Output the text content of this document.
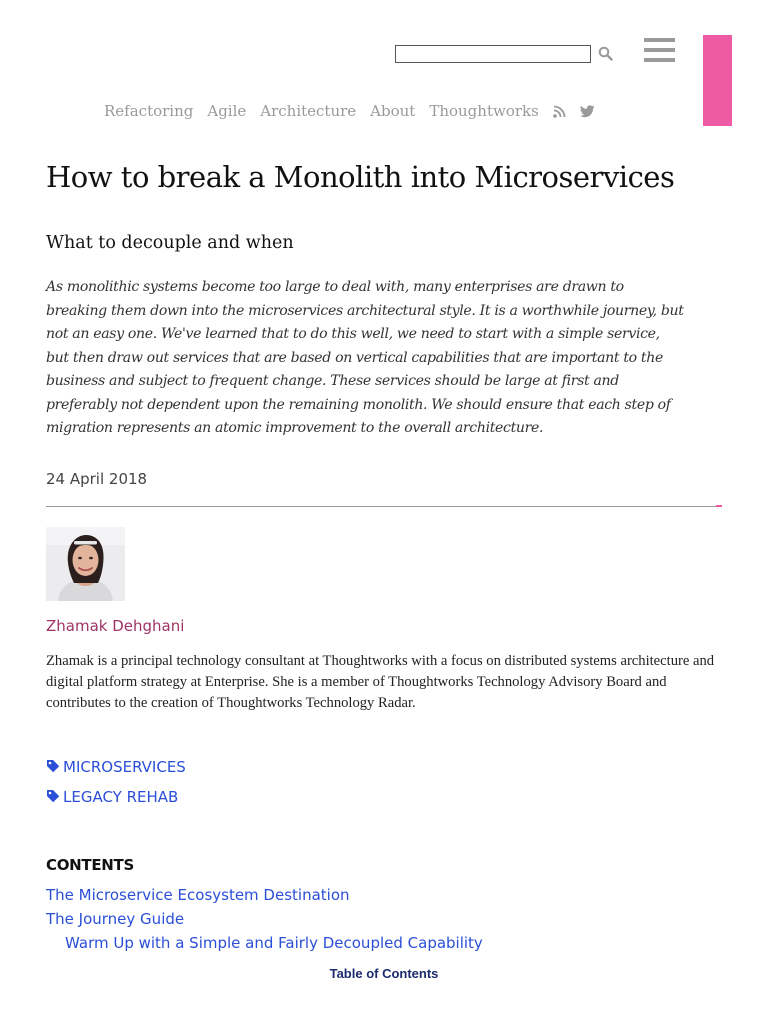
Refactoring Agile Architecture About Thoughtworks
How to break a Monolith into Microservices
What to decouple and when

As monolithic systems become too large to deal with, many enterprises are drawn to breaking them down into the microservices architectural style. It is a worthwhile journey, but not an easy one. We've learned that to do this well, we need to start with a simple service, but then draw out services that are based on vertical capabilities that are important to the business and subject to frequent change. These services should be large at first and preferably not dependent upon the remaining monolith. We should ensure that each step of migration represents an atomic improvement to the overall architecture.

24 April 2018
Zhamak Dehghani

Zhamak is a principal technology consultant at Thoughtworks with a focus on distributed systems architecture and digital platform strategy at Enterprise. She is a member of Thoughtworks Technology Advisory Board and contributes to the creation of Thoughtworks Technology Radar.

MICROSERVICES
LEGACY REHAB
CONTENTS
The Microservice Ecosystem Destination
The Journey Guide
Warm Up with a Simple and Fairly Decoupled Capability
Table of Contents
